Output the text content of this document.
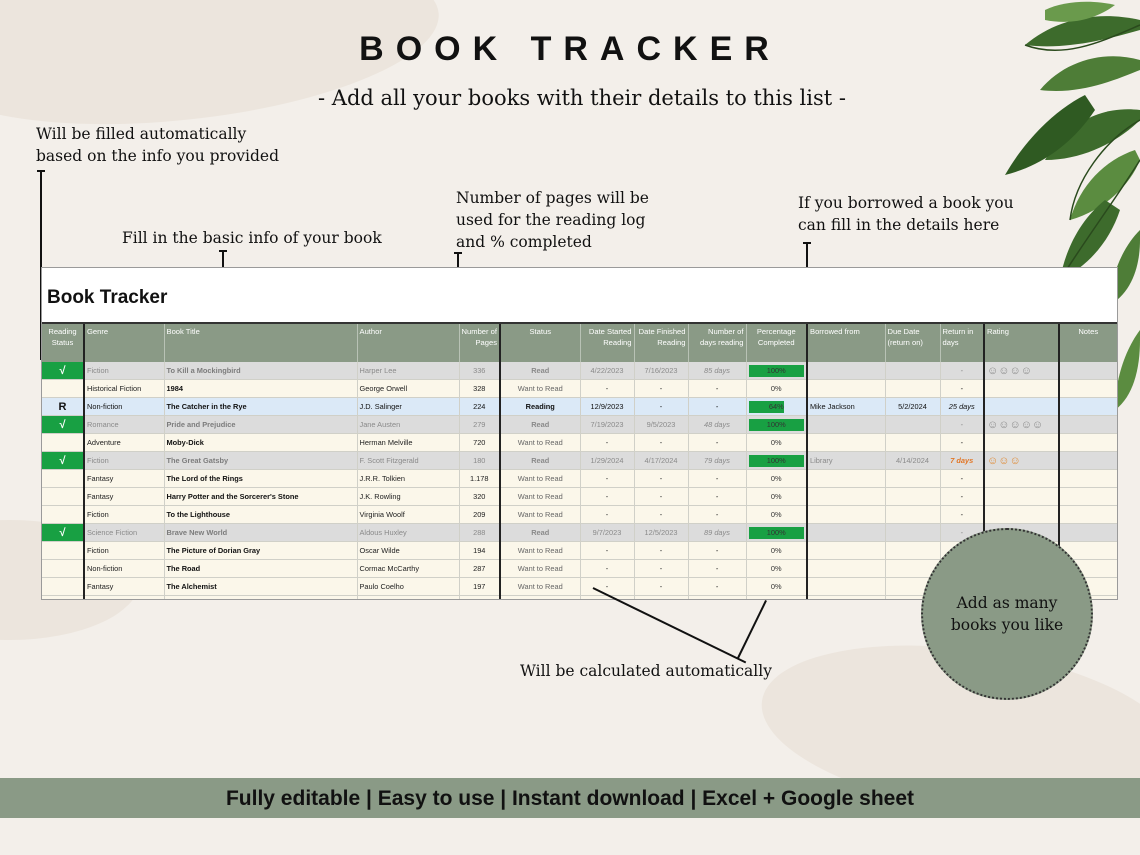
BOOK TRACKER
- Add all your books with their details to this list -
Will be filled automatically
based on the info you provided
Fill in the basic info of your book
Number of pages will be
used for the reading log
and % completed
If you borrowed a book you
can fill in the details here
Book Tracker
Reading Status	Genre	Book Title	Author	Number of Pages	Status	Date Started Reading	Date Finished Reading	Number of days reading	Percentage Completed	Borrowed from	Due Date (return on)	Return in days	Rating	Notes
√	Fiction	To Kill a Mockingbird	Harper Lee	336	Read	4/22/2023	7/16/2023	85 days	100%			-	☺☺☺☺	
	Historical Fiction	1984	George Orwell	328	Want to Read	-	-	-	0%			-		
R	Non-fiction	The Catcher in the Rye	J.D. Salinger	224	Reading	12/9/2023	-	-	64%	Mike Jackson	5/2/2024	25 days		
√	Romance	Pride and Prejudice	Jane Austen	279	Read	7/19/2023	9/5/2023	48 days	100%			-	☺☺☺☺☺	
	Adventure	Moby-Dick	Herman Melville	720	Want to Read	-	-	-	0%			-		
√	Fiction	The Great Gatsby	F. Scott Fitzgerald	180	Read	1/29/2024	4/17/2024	79 days	100%	Library	4/14/2024	7 days	☺☺☺	
	Fantasy	The Lord of the Rings	J.R.R. Tolkien	1.178	Want to Read	-	-	-	0%			-		
	Fantasy	Harry Potter and the Sorcerer's Stone	J.K. Rowling	320	Want to Read	-	-	-	0%			-		
	Fiction	To the Lighthouse	Virginia Woolf	209	Want to Read	-	-	-	0%			-		
√	Science Fiction	Brave New World	Aldous Huxley	288	Read	9/7/2023	12/5/2023	89 days	100%			-		
	Fiction	The Picture of Dorian Gray	Oscar Wilde	194	Want to Read	-	-	-	0%

	Non-fiction	The Road	Cormac McCarthy	287	Want to Read	-	-	-	0%

	Fantasy	The Alchemist	Paulo Coelho	197	Want to Read	-	-	-	0%

Will be calculated automatically
Add as many
books you like
Fully editable | Easy to use | Instant download | Excel + Google sheet
